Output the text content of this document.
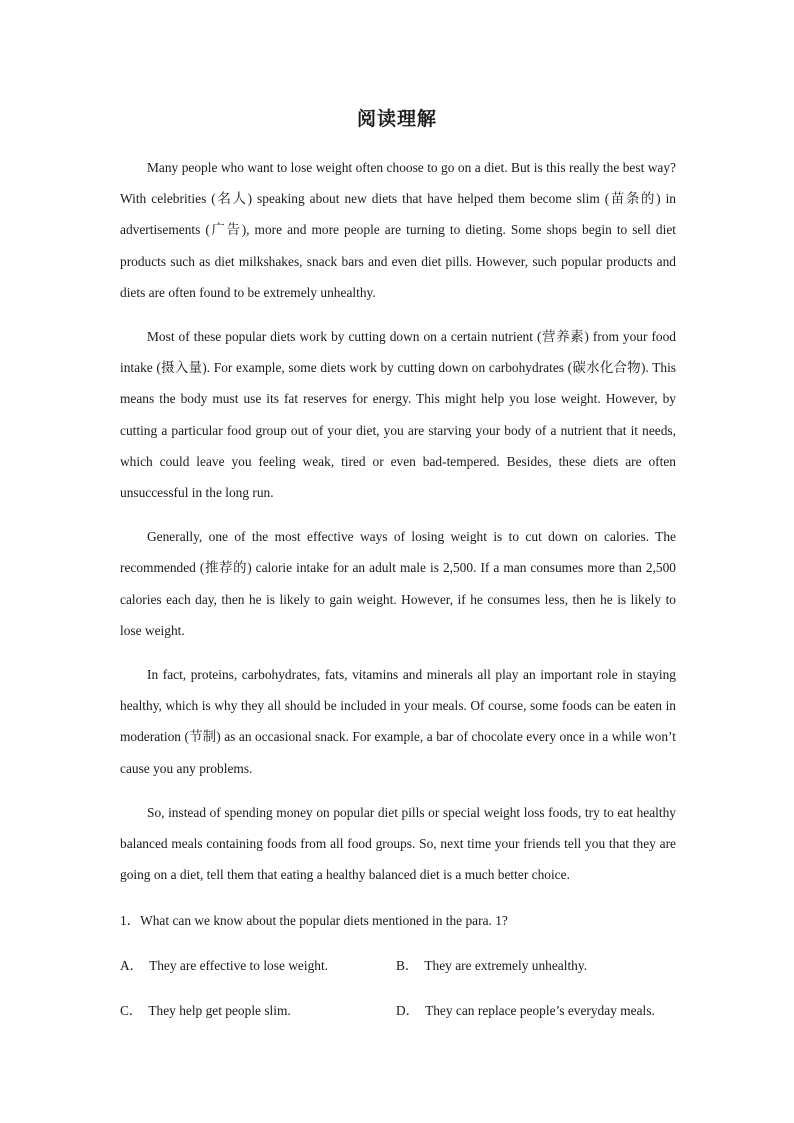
阅读理解

Many people who want to lose weight often choose to go on a diet. But is this really the best way? With celebrities (名人) speaking about new diets that have helped them become slim (苗条的) in advertisements (广告), more and more people are turning to dieting. Some shops begin to sell diet products such as diet milkshakes, snack bars and even diet pills. However, such popular products and diets are often found to be extremely unhealthy.

Most of these popular diets work by cutting down on a certain nutrient (营养素) from your food intake (摄入量). For example, some diets work by cutting down on carbohydrates (碳水化合物). This means the body must use its fat reserves for energy. This might help you lose weight. However, by cutting a particular food group out of your diet, you are starving your body of a nutrient that it needs, which could leave you feeling weak, tired or even bad-tempered. Besides, these diets are often unsuccessful in the long run.

Generally, one of the most effective ways of losing weight is to cut down on calories. The recommended (推荐的) calorie intake for an adult male is 2,500. If a man consumes more than 2,500 calories each day, then he is likely to gain weight. However, if he consumes less, then he is likely to lose weight.

In fact, proteins, carbohydrates, fats, vitamins and minerals all play an important role in staying healthy, which is why they all should be included in your meals. Of course, some foods can be eaten in moderation (节制) as an occasional snack. For example, a bar of chocolate every once in a while won’t cause you any problems.

So, instead of spending money on popular diet pills or special weight loss foods, try to eat healthy balanced meals containing foods from all food groups. So, next time your friends tell you that they are going on a diet, tell them that eating a healthy balanced diet is a much better choice.

1．What can we know about the popular diets mentioned in the para. 1?
A． They are effective to lose weight.	B． They are extremely unhealthy.
C． They help get people slim.	D． They can replace people’s everyday meals.
